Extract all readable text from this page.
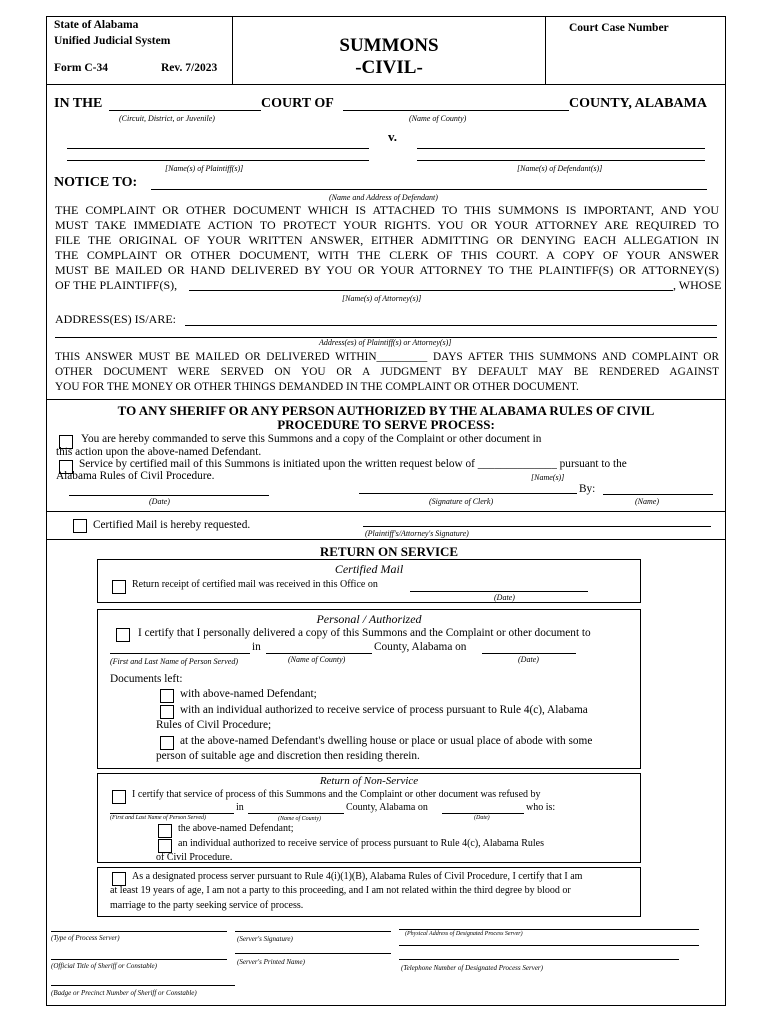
State of Alabama
Unified Judicial System
Form C-34	Rev. 7/2023
SUMMONS
-CIVIL-
Court Case Number
IN THE	COURT OF	COUNTY, ALABAMA
(Circuit, District, or Juvenile)	(Name of County)
v.
[Name(s) of Plaintiff(s)]	[Name(s) of Defendant(s)]
NOTICE TO:
(Name and Address of Defendant)
THE COMPLAINT OR OTHER DOCUMENT WHICH IS ATTACHED TO THIS SUMMONS IS IMPORTANT, AND YOU
MUST TAKE IMMEDIATE ACTION TO PROTECT YOUR RIGHTS. YOU OR YOUR ATTORNEY ARE REQUIRED TO
FILE THE ORIGINAL OF YOUR WRITTEN ANSWER, EITHER ADMITTING OR DENYING EACH ALLEGATION IN
THE COMPLAINT OR OTHER DOCUMENT, WITH THE CLERK OF THIS COURT. A COPY OF YOUR ANSWER
MUST BE MAILED OR HAND DELIVERED BY YOU OR YOUR ATTORNEY TO THE PLAINTIFF(S) OR ATTORNEY(S)
OF THE PLAINTIFF(S),	, WHOSE
[Name(s) of Attorney(s)]
ADDRESS(ES) IS/ARE:
Address(es) of Plaintiff(s) or Attorney(s)]
THIS ANSWER MUST BE MAILED OR DELIVERED WITHIN_________ DAYS AFTER THIS SUMMONS AND COMPLAINT OR
OTHER DOCUMENT WERE SERVED ON YOU OR A JUDGMENT BY DEFAULT MAY BE RENDERED AGAINST
YOU FOR THE MONEY OR OTHER THINGS DEMANDED IN THE COMPLAINT OR OTHER DOCUMENT.
TO ANY SHERIFF OR ANY PERSON AUTHORIZED BY THE ALABAMA RULES OF CIVIL
PROCEDURE TO SERVE PROCESS:
You are hereby commanded to serve this Summons and a copy of the Complaint or other document in
this action upon the above-named Defendant.
Service by certified mail of this Summons is initiated upon the written request below of ______________ pursuant to the
Alabama Rules of Civil Procedure.	[Name(s)]
(Date)	(Signature of Clerk)
By:
(Name)
Certified Mail is hereby requested.
(Plaintiff's/Attorney's Signature)
RETURN ON SERVICE
Certified Mail
Return receipt of certified mail was received in this Office on
(Date)
Personal / Authorized
I certify that I personally delivered a copy of this Summons and the Complaint or other document to
in	County, Alabama on
(First and Last Name of Person Served)	(Name of County)	(Date)
Documents left:
with above-named Defendant;
with an individual authorized to receive service of process pursuant to Rule 4(c), Alabama
Rules of Civil Procedure;
at the above-named Defendant's dwelling house or place or usual place of abode with some
person of suitable age and discretion then residing therein.
Return of Non-Service
I certify that service of process of this Summons and the Complaint or other document was refused by
in	County, Alabama on	who is:
(First and Last Name of Person Served)	(Name of County)	(Date)
the above-named Defendant;
an individual authorized to receive service of process pursuant to Rule 4(c), Alabama Rules
of Civil Procedure.
As a designated process server pursuant to Rule 4(i)(1)(B), Alabama Rules of Civil Procedure, I certify that I am
at least 19 years of age, I am not a party to this proceeding, and I am not related within the third degree by blood or
marriage to the party seeking service of process.
(Type of Process Server)	(Server's Signature)
(Physical Address of Designated Process Server)
(Official Title of Sheriff or Constable)	(Server's Printed Name)
(Telephone Number of Designated Process Server)
(Badge or Precinct Number of Sheriff or Constable)
